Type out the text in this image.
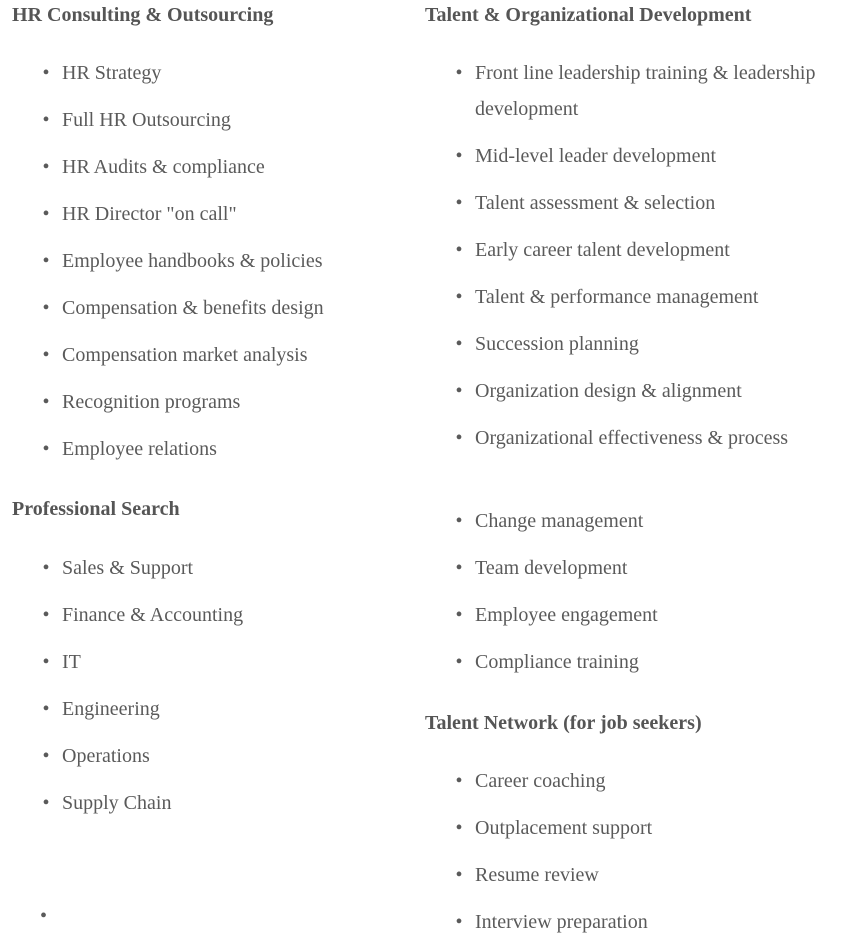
HR Consulting & Outsourcing
• HR Strategy
• Full HR Outsourcing
• HR Audits & compliance
• HR Director "on call"
• Employee handbooks & policies
• Compensation & benefits design
• Compensation market analysis
• Recognition programs
• Employee relations
Professional Search
• Sales & Support
• Finance & Accounting
• IT
• Engineering
• Operations
• Supply Chain
•
Talent & Organizational Development
• Front line leadership training & leadership development
• Mid-level leader development
• Talent assessment & selection
• Early career talent development
• Talent & performance management
• Succession planning
• Organization design & alignment
• Organizational effectiveness & process
• Change management
• Team development
• Employee engagement
• Compliance training
Talent Network (for job seekers)
• Career coaching
• Outplacement support
• Resume review
• Interview preparation
